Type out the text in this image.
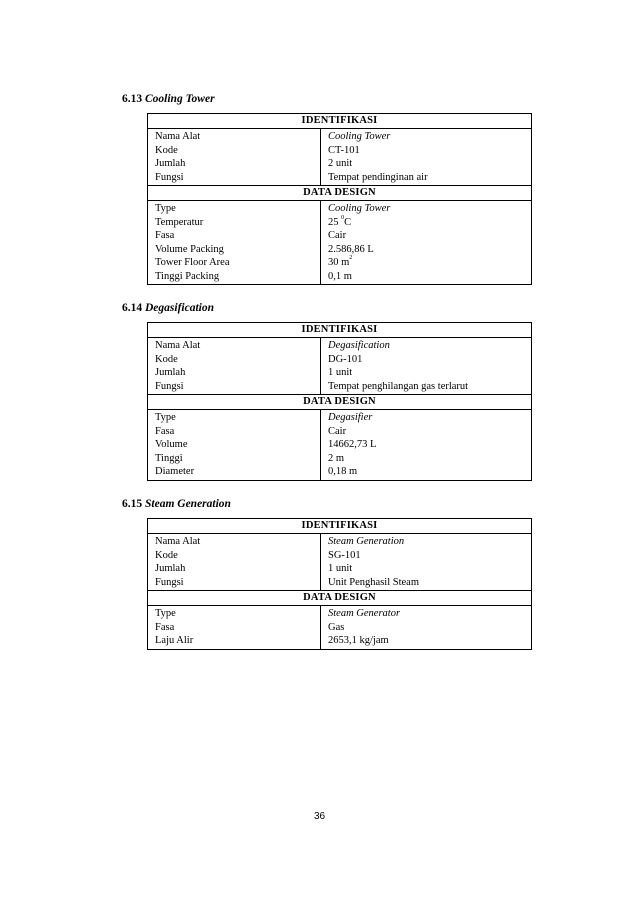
6.13 Cooling Tower
IDENTIFIKASI
Nama Alat
Kode
Jumlah
Fungsi
Cooling Tower
CT-101
2 unit
Tempat pendinginan air
DATA DESIGN
Type
Temperatur
Fasa
Volume Packing
Tower Floor Area
Tinggi Packing
Cooling Tower
25 $^0$C
Cair
2.586,86 L
30 $m^2$
0,1 m
6.14 Degasification
IDENTIFIKASI
Nama Alat
Kode
Jumlah
Fungsi
Degasification
DG-101
1 unit
Tempat penghilangan gas terlarut
DATA DESIGN
Type
Fasa
Volume
Tinggi
Diameter
Degasifier
Cair
14662,73 L
2 m
0,18 m
6.15 Steam Generation
IDENTIFIKASI
Nama Alat
Kode
Jumlah
Fungsi
Steam Generation
SG-101
1 unit
Unit Penghasil Steam
DATA DESIGN
Type
Fasa
Laju Alir
Steam Generator
Gas
2653,1 kg/jam
36
